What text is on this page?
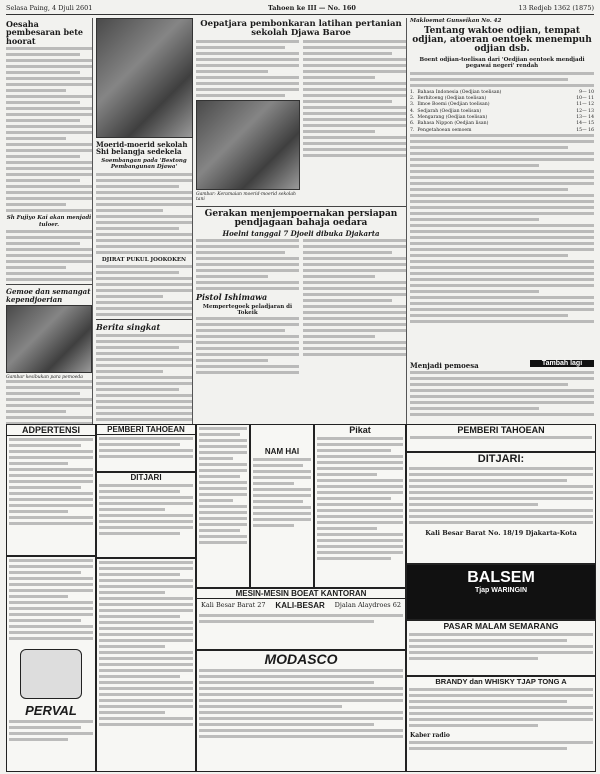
Selasa Paing, 4 Djuli 2601	Tahoen ke III — No. 160	13 Redjeb 1362 (1875)
Oesaha pembesaran bete hoorat
Sh Fujiyo Kai akan menjadi tuloer.
Gemoe dan semangat kependjoerian
Gambar kesibukan para pemoeda
Moerid-moerid sekolah Shi belangja sedekela
Soembangan pada 'Bestong Pembangunan Djawa'
DJIRAT PUKUL JOOKOKEN
Berita singkat
Oepatjara pembonkaran latihan pertanian sekolah Djawa Baroe
Gambar: Keramaian moerid-moerid sekolah tani
Gerakan menjempoernakan persiapan pendjagaan bahaja oedara
Hoelni tanggal 7 Djoeli dibuka Djakarta
Pistol Ishimawa
Mempertegoek peladjaran di Tokeik
Makloemat Gunseikan No. 42
Tentang waktoe odjian, tempat odjian, atoeran oentoek menempuh odjian dsb.
Boent odjian-toelisan dari 'Oedjian oentoek mendjadi pegawai negeri' rendah
1. Bahasa Indonesia (Oedjian toelisan)	9— 10
2. Berhitoeng (Oedjian toelisan)	10— 11
3. Ilmoe Boemi (Oedjian toelisan)	11— 12
4. Sedjarah (Oedjian toelisan)	12— 13
5. Mengarang (Oedjian toelisan)	13— 14
6. Bahasa Nippon (Oedjian lisan)	14— 15
7. Pengetahoean oemoem	15— 16
Tambah lagi
Menjadi pemoesa
ADPERTENSI
PERVAL
PEMBERI TAHOEAN
DITJARI
NAM HAI
Pikat
MESIN-MESIN BOEAT KANTORAN
Kali Besar Barat 27 KALI-BESAR Djalan Alaydroes 62
MODASCO
PEMBERI TAHOEAN
DITJARI:
Kali Besar Barat No. 18/19 Djakarta-Kota
BALSEM
Tjap WARINGIN
PASAR MALAM SEMARANG
BRANDY dan WHISKY TJAP TONG A
Kaber radio
